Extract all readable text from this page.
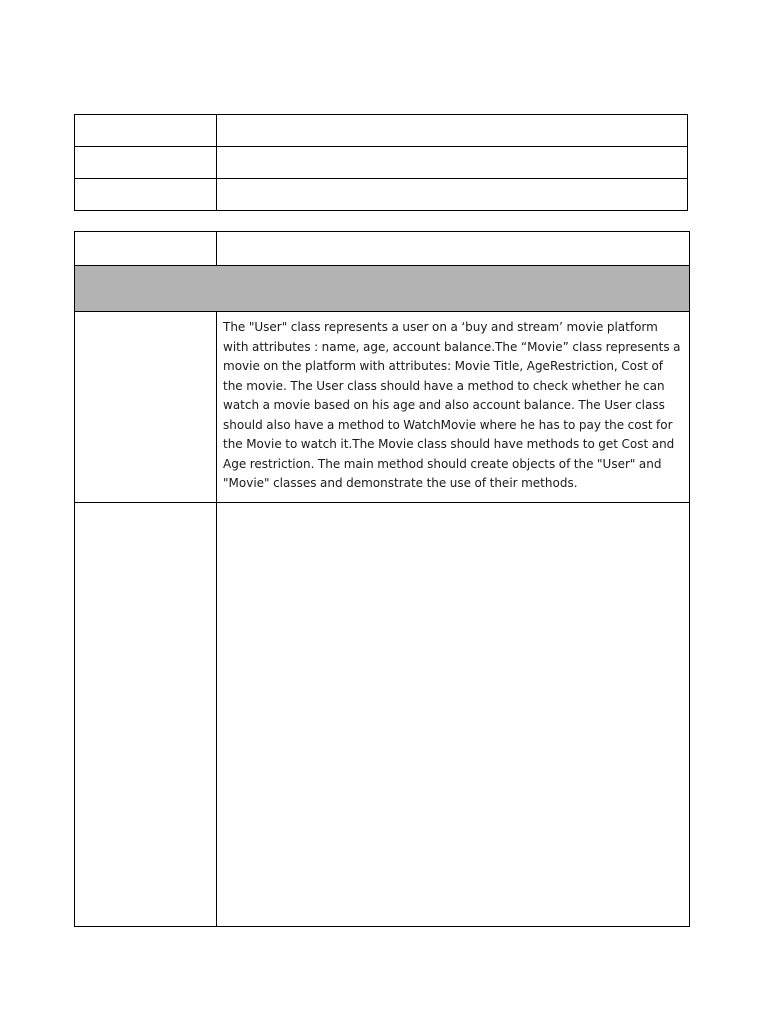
	The "User" class represents a user on a ‘buy and stream’ movie platform with attributes : name, age, account balance.The “Movie” class represents a movie on the platform with attributes: Movie Title, AgeRestriction, Cost of the movie. The User class should have a method to check whether he can watch a movie based on his age and also account balance. The User class should also have a method to WatchMovie where he has to pay the cost for the Movie to watch it.The Movie class should have methods to get Cost and Age restriction. The main method should create objects of the "User" and "Movie" classes and demonstrate the use of their methods.
